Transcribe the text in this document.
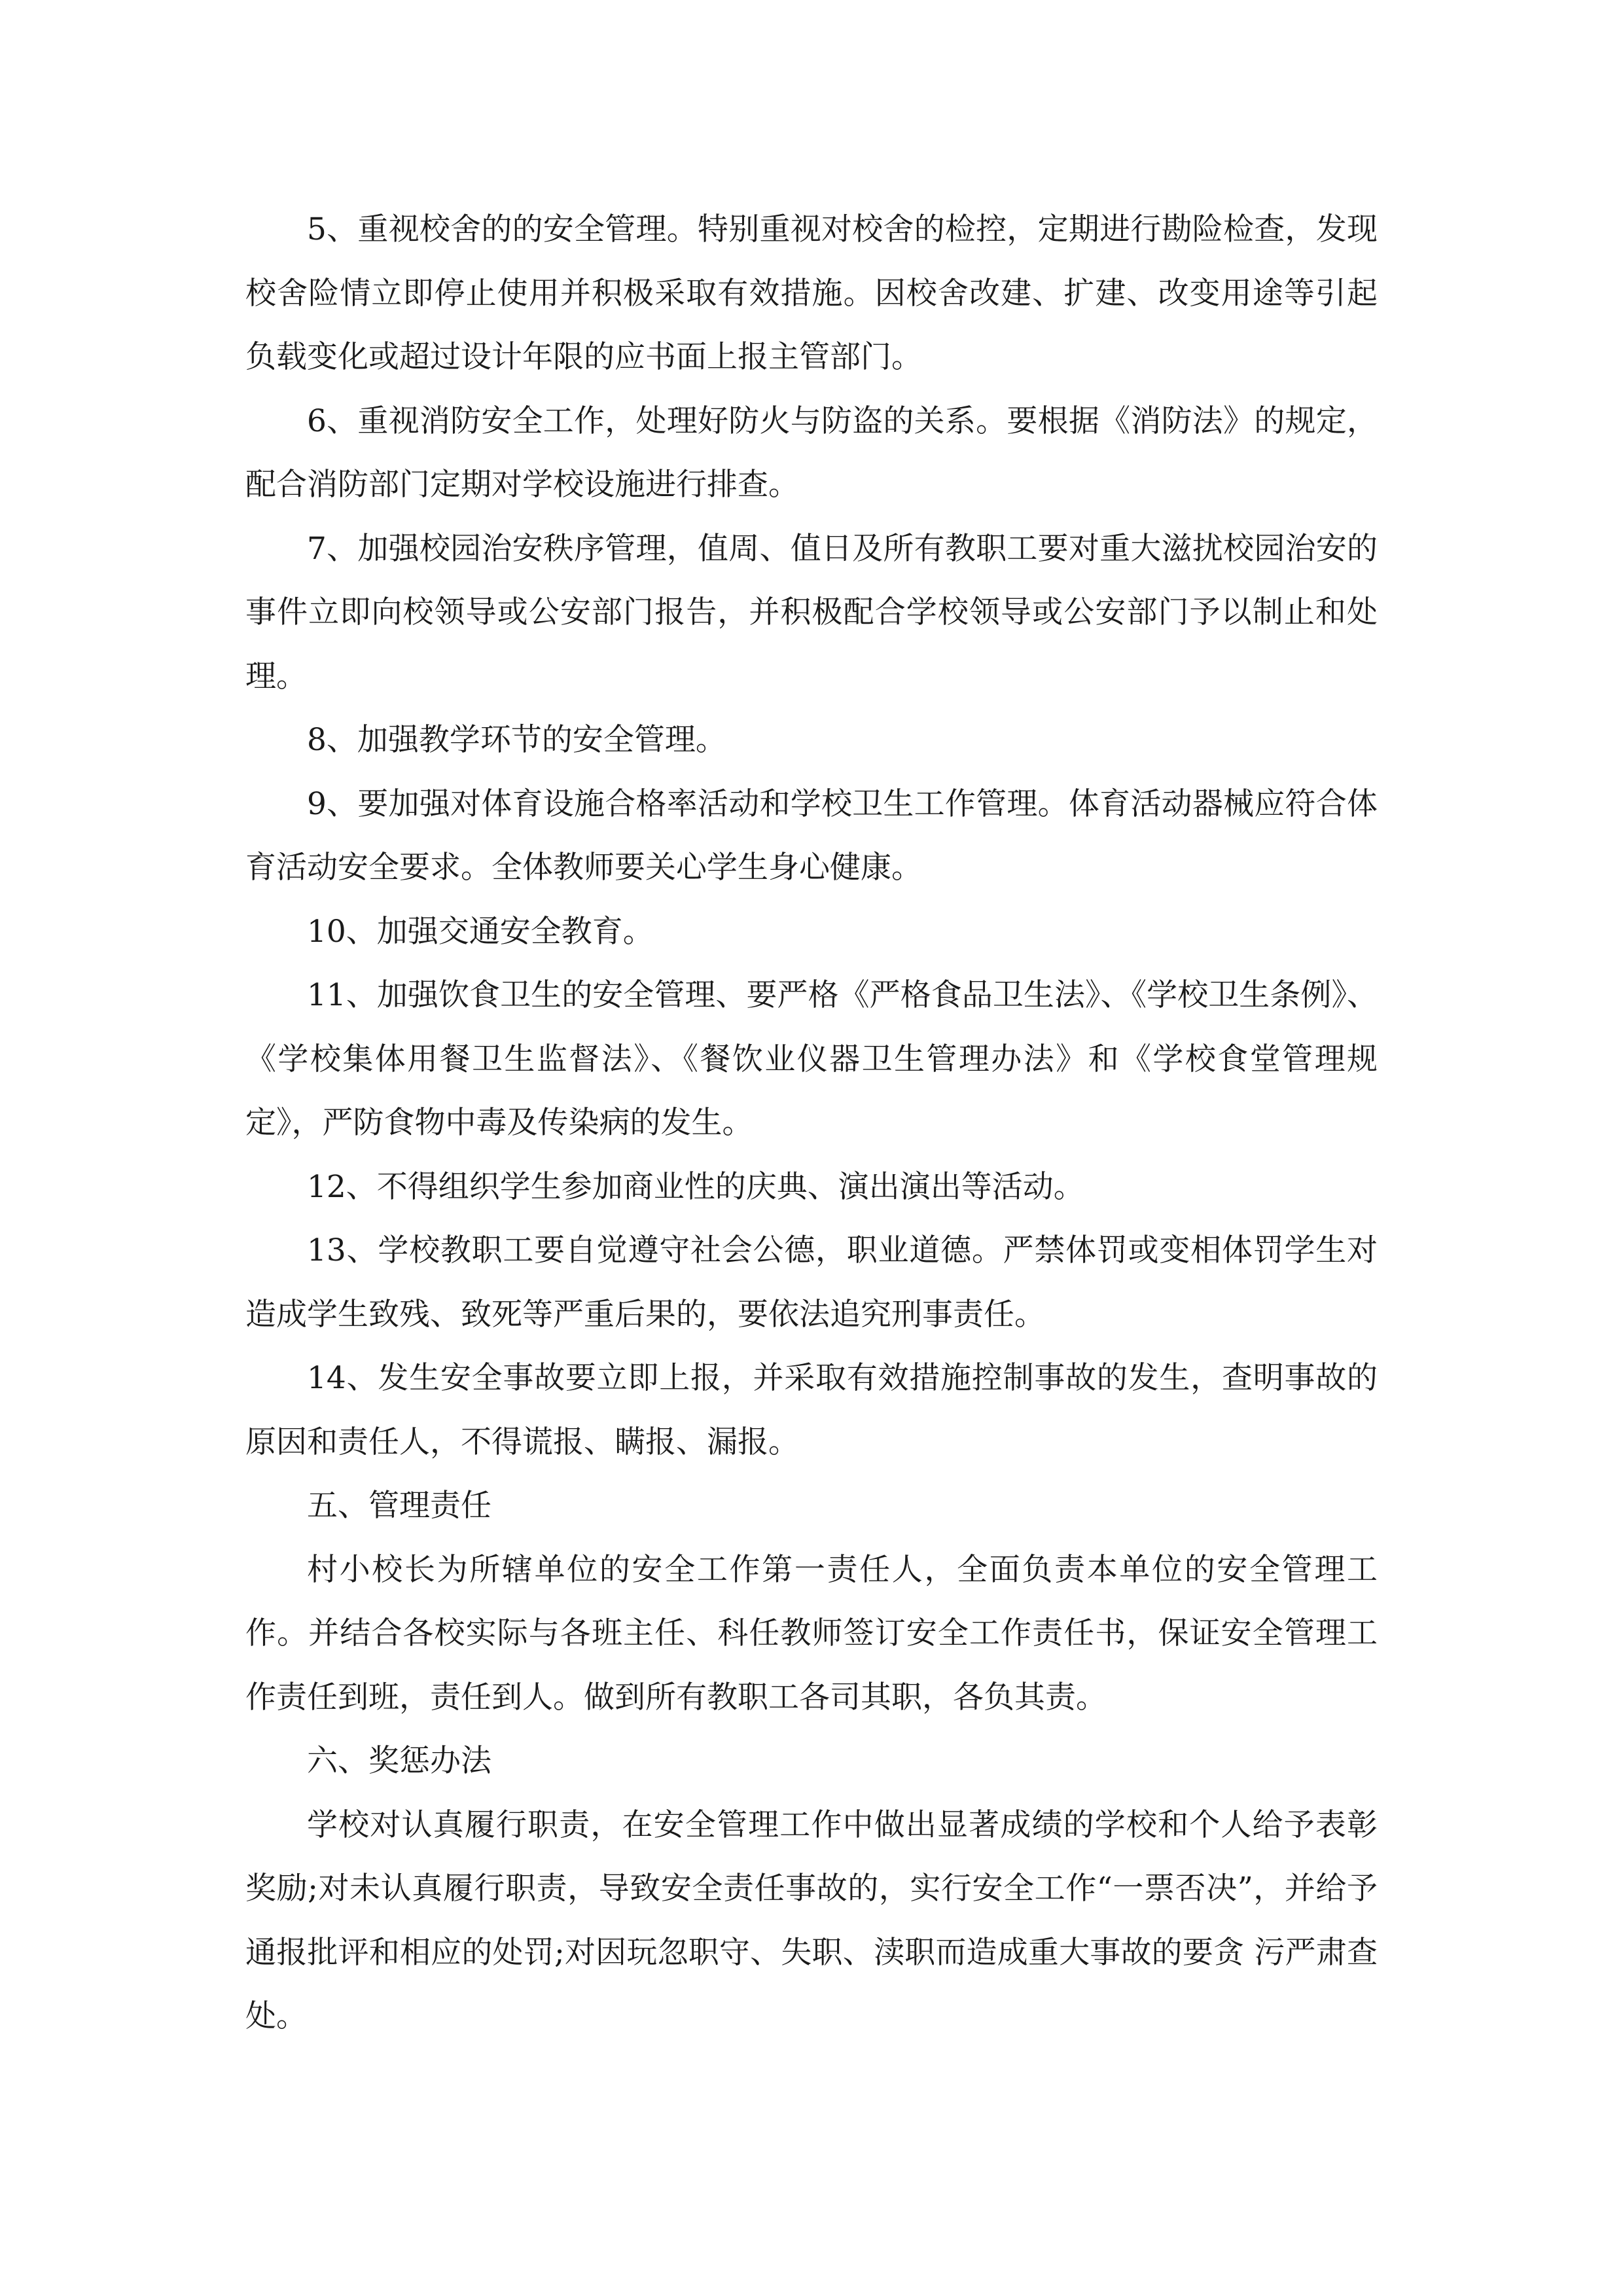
5、重视校舍的的安全管理。特别重视对校舍的检控，定期进行勘险检查，发现校舍险情立即停止使用并积极采取有效措施。因校舍改建、扩建、改变用途等引起负载变化或超过设计年限的应书面上报主管部门。

6、重视消防安全工作，处理好防火与防盗的关系。要根据《消防法》的规定，配合消防部门定期对学校设施进行排查。

7、加强校园治安秩序管理，值周、值日及所有教职工要对重大滋扰校园治安的事件立即向校领导或公安部门报告，并积极配合学校领导或公安部门予以制止和处理。

8、加强教学环节的安全管理。

9、要加强对体育设施合格率活动和学校卫生工作管理。体育活动器械应符合体育活动安全要求。全体教师要关心学生身心健康。

10、加强交通安全教育。

11、加强饮食卫生的安全管理、要严格《严格食品卫生法》、《学校卫生条例》、《学校集体用餐卫生监督法》、《餐饮业仪器卫生管理办法》和《学校食堂管理规定》，严防食物中毒及传染病的发生。

12、不得组织学生参加商业性的庆典、演出演出等活动。

13、学校教职工要自觉遵守社会公德，职业道德。严禁体罚或变相体罚学生对造成学生致残、致死等严重后果的，要依法追究刑事责任。

14、发生安全事故要立即上报，并采取有效措施控制事故的发生，查明事故的原因和责任人，不得谎报、瞒报、漏报。

五、管理责任

村小校长为所辖单位的安全工作第一责任人，全面负责本单位的安全管理工作。并结合各校实际与各班主任、科任教师签订安全工作责任书，保证安全管理工作责任到班，责任到人。做到所有教职工各司其职，各负其责。

六、奖惩办法

学校对认真履行职责，在安全管理工作中做出显著成绩的学校和个人给予表彰奖励;对未认真履行职责，导致安全责任事故的，实行安全工作“一票否决”，并给予通报批评和相应的处罚;对因玩忽职守、失职、渎职而造成重大事故的要贪 污严肃查处。
